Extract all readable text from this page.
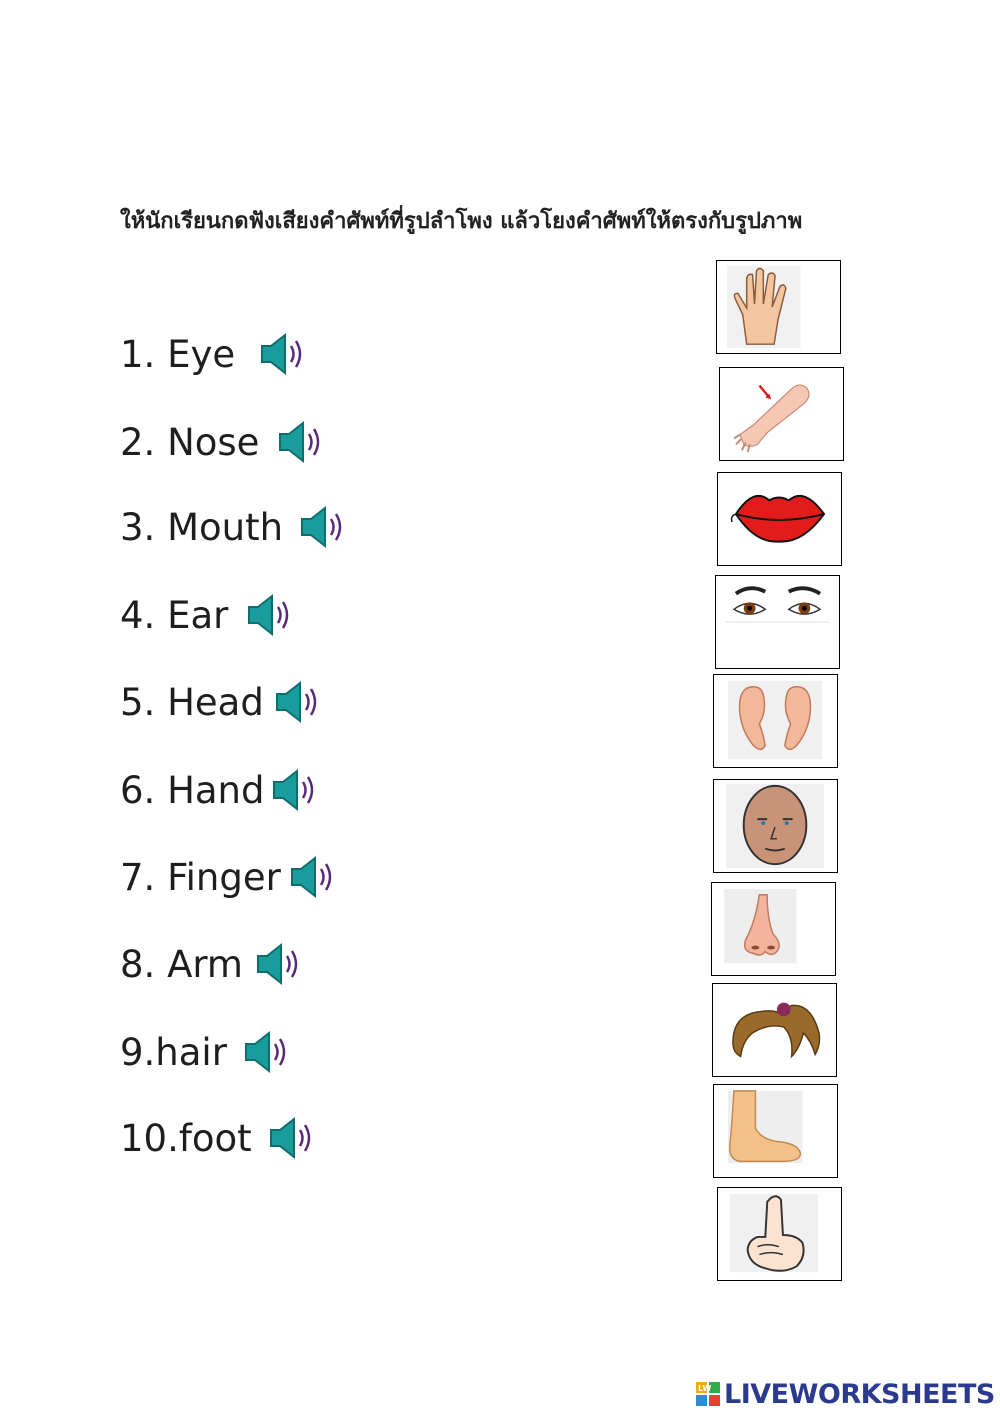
ให้นักเรียนกดฟังเสียงคำศัพท์ที่รูปลำโพง แล้วโยงคำศัพท์ให้ตรงกับรูปภาพ
1. Eye
2. Nose
3. Mouth
4. Ear
5. Head
6. Hand
7. Finger
8. Arm
9.hair
10.foot
LW LIVEWORKSHEETS
